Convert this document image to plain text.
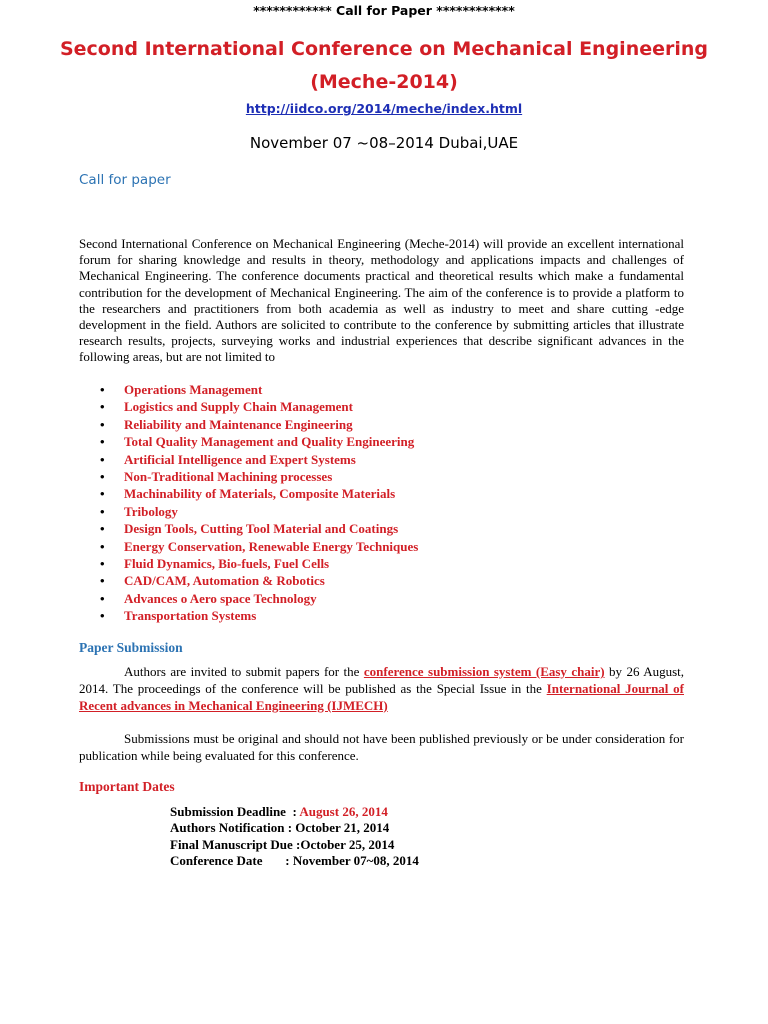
************ Call for Paper ************
Second International Conference on Mechanical Engineering
(Meche-2014)
http://iidco.org/2014/meche/index.html
November 07 ~08–2014 Dubai,UAE
Call for paper
Second International Conference on Mechanical Engineering (Meche-2014) will provide an excellent international forum for sharing knowledge and results in theory, methodology and applications impacts and challenges of Mechanical Engineering. The conference documents practical and theoretical results which make a fundamental contribution for the development of Mechanical Engineering. The aim of the conference is to provide a platform to the researchers and practitioners from both academia as well as industry to meet and share cutting -edge development in the field. Authors are solicited to contribute to the conference by submitting articles that illustrate research results, projects, surveying works and industrial experiences that describe significant advances in the following areas, but are not limited to
• Operations Management
• Logistics and Supply Chain Management
• Reliability and Maintenance Engineering
• Total Quality Management and Quality Engineering
• Artificial Intelligence and Expert Systems
• Non-Traditional Machining processes
• Machinability of Materials, Composite Materials
• Tribology
• Design Tools, Cutting Tool Material and Coatings
• Energy Conservation, Renewable Energy Techniques
• Fluid Dynamics, Bio-fuels, Fuel Cells
• CAD/CAM, Automation & Robotics
• Advances o Aero space Technology
• Transportation Systems
Paper Submission
Authors are invited to submit papers for the conference submission system (Easy chair) by 26 August, 2014. The proceedings of the conference will be published as the Special Issue in the International Journal of Recent advances in Mechanical Engineering (IJMECH)
Submissions must be original and should not have been published previously or be under consideration for publication while being evaluated for this conference.
Important Dates
Submission Deadline  : August 26, 2014
Authors Notification : October 21, 2014
Final Manuscript Due :October 25, 2014
Conference Date       : November 07~08, 2014
